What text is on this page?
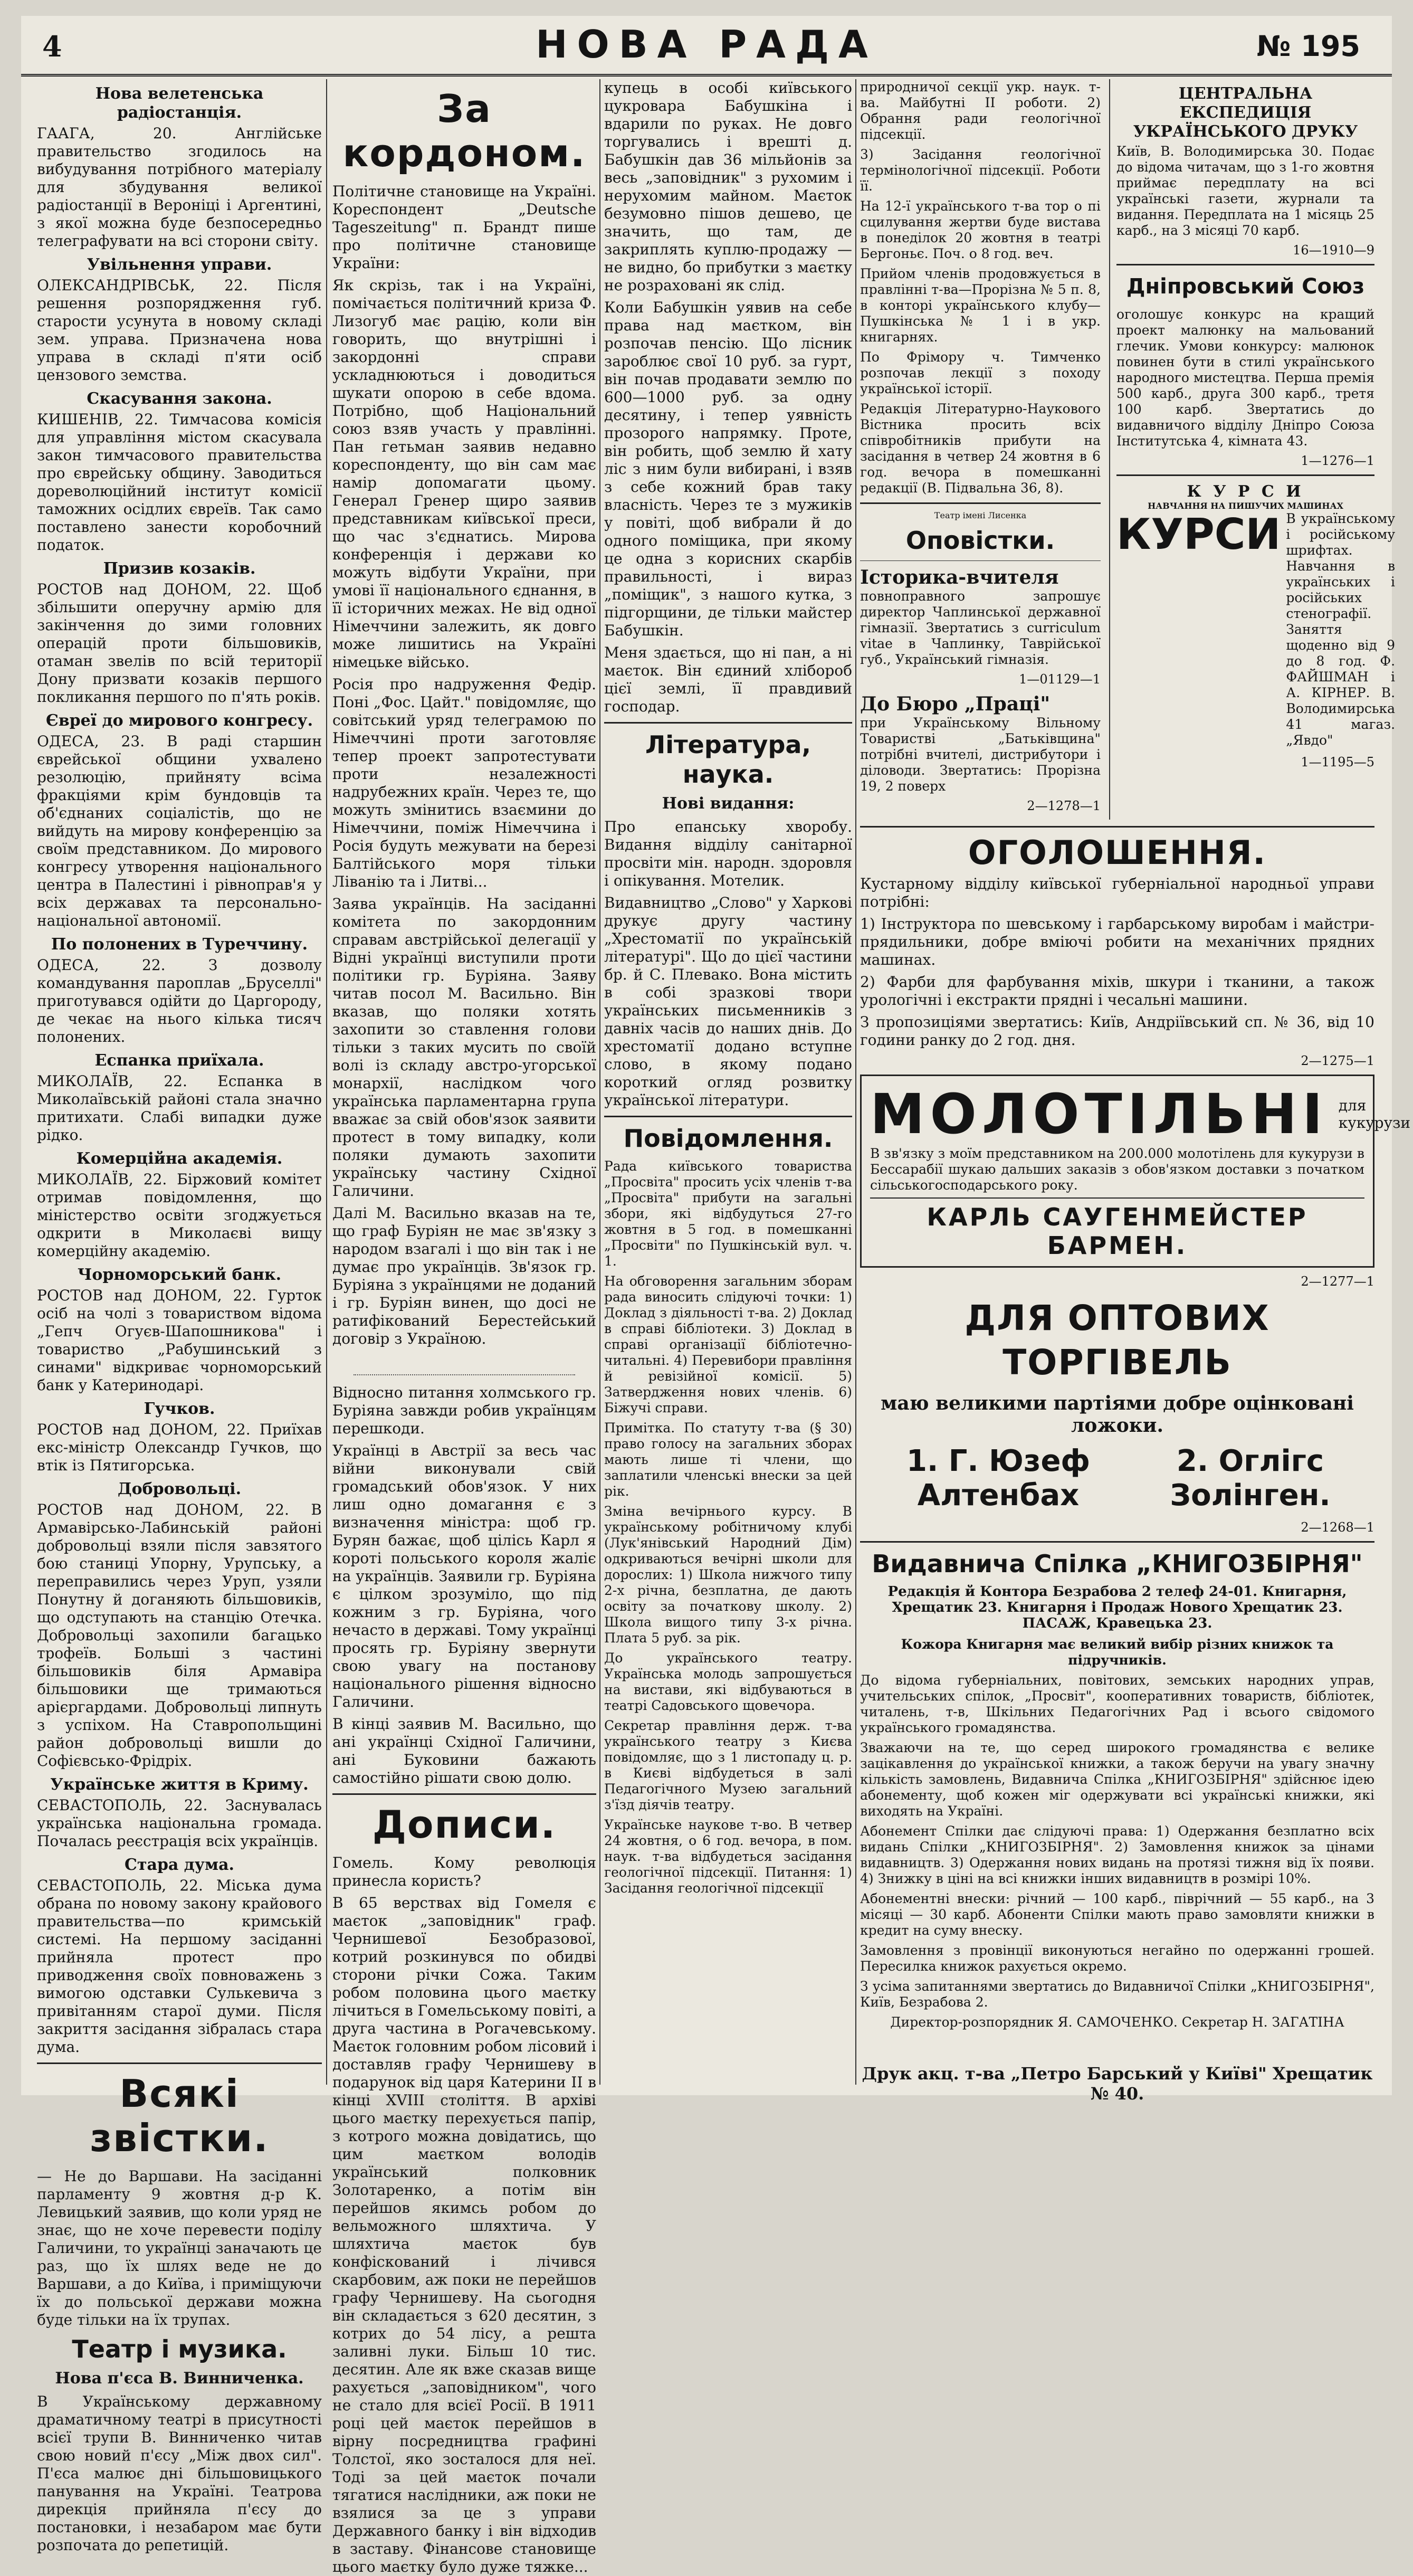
4	НОВА РАДА	№ 195
Нова велетенська радіостанція.

ГААГА, 20. Англійське правительство згодилось на вибудування потрібного матеріалу для збудування великої радіостанції в Вероніці і Аргентині, з якої можна буде безпосередньо телеграфувати на всі сторони світу.

Увільнення управи.

ОЛЕКСАНДРІВСЬК, 22. Після решення розпорядження губ. старости усунута в новому складі зем. управа. Призначена нова управа в складі п'яти осіб цензового земства.

Скасування закона.

КИШЕНІВ, 22. Тимчасова комісія для управління містом скасувала закон тимчасового правительства про єврейську общину. Заводиться дореволюційний інститут комісії таможних осідлих євреїв. Так само поставлено занести коробочний податок.

Призив козаків.

РОСТОВ над ДОНОМ, 22. Щоб збільшити оперучну армію для закінчення до зими головних операцій проти більшовиків, отаман звелів по всій території Дону призвати козаків першого покликання першого по п'ять років.

Євреї до мирового конгресу.

ОДЕСА, 23. В раді старшин єврейської общини ухвалено резолюцію, прийняту всіма фракціями крім бундовців та об'єднаних соціалістів, що не вийдуть на мирову конференцію за своїм представником. До мирового конгресу утворення національного центра в Палестині і рівноправ'я у всіх державах та персонально-національної автономії.

По полонених в Туреччину.

ОДЕСА, 22. З дозволу командування пароплав „Бруселлі" приготувався одійти до Царгороду, де чекає на нього кілька тисяч полонених.

Еспанка приїхала.

МИКОЛАЇВ, 22. Еспанка в Миколаївській районі стала значно притихати. Слабі випадки дуже рідко.

Комерційна академія.

МИКОЛАЇВ, 22. Біржовий комітет отримав повідомлення, що міністерство освіти згоджується одкрити в Миколаєві вищу комерційну академію.

Чорноморський банк.

РОСТОВ над ДОНОМ, 22. Гурток осіб на чолі з товариством відома „Гепч Огуєв-Шапошникова" і товариство „Рабушинський з синами" відкриває чорноморський банк у Катеринодарі.

Гучков.

РОСТОВ над ДОНОМ, 22. Приїхав екс-міністр Олександр Гучков, що втік із Пятигорська.

Добровольці.

РОСТОВ над ДОНОМ, 22. В Армавірсько-Лабинській районі добровольці взяли після завзятого бою станиці Упорну, Урупську, а переправились через Уруп, узяли Понутну й доганяють більшовиків, що одступають на станцію Отечка. Добровольці захопили багацько трофеїв. Больші з частині більшовиків біля Армавіра більшовики ще тримаються арієргардами. Добровольці липнуть з успіхом. На Ставропольщині район добровольці вишли до Софієвсько-Фрідріх.

Українське життя в Криму.

СЕВАСТОПОЛЬ, 22. Заснувалась українська національна громада. Почалась реєстрація всіх українців.

Стара дума.

СЕВАСТОПОЛЬ, 22. Міська дума обрана по новому закону крайового правительства—по кримській системі. На першому засіданні прийняла протест про приводження своїх повноважень з вимогою одставки Сулькевича з привітанням старої думи. Після закриття засідання зібралась стара дума.

Всякі звістки.

— Не до Варшави. На засіданні парламенту 9 жовтня д-р К. Левицький заявив, що коли уряд не знає, що не хоче перевести поділу Галичини, то українці заначають це раз, що їх шлях веде не до Варшави, а до Київа, і приміщуючи їх до польської держави можна буде тільки на їх трупах.

Театр і музика.
Нова п'єса В. Винниченка.

В Українському державному драматичному театрі в присутності всієї трупи В. Винниченко читав свою новий п'єсу „Між двох сил". П'єса малює дні більшовицького панування на Україні. Театрова дирекція прийняла п'єсу до постановки, і незабаром має бути розпочата до репетицій.

За кордоном.

Політичне становище на Україні. Кореспондент „Deutsche Tageszeitung" п. Брандт пише про політичне становище України:

Як скрізь, так і на Україні, помічається політичний криза Ф. Лизогуб має рацію, коли він говорить, що внутрішні і закордонні справи ускладнюються і доводиться шукати опорою в себе вдома. Потрібно, щоб Національний союз взяв участь у правлінні. Пан гетьман заявив недавно кореспонденту, що він сам має намір допомагати цьому. Генерал Гренер щиро заявив представникам київської преси, що час з'єднатись. Мирова конференція і держави ко можуть відбути України, при умові її національного єднання, в її історичних межах. Не від одної Німеччини залежить, як довго може лишитись на Україні німецьке військо.

Росія про надруження Федір. Поні „Фос. Цайт." повідомляє, що совітський уряд телеграмою по Німеччині проти заготовляє тепер проект запротестувати проти незалежності надрубежних країн. Через те, що можуть змінитись взаємини до Німеччини, поміж Німеччина і Росія будуть межувати на березі Балтійського моря тільки Ліванію та і Литві...

Заява українців. На засіданні комітета по закордонним справам австрійської делегації у Відні українці виступили проти політики гр. Буріяна. Заяву читав посол М. Васильно. Він вказав, що поляки хотять захопити зо ставлення голови тільки з таких мусить по своїй волі із складу австро-угорської монархії, наслідком чого українська парламентарна група вважає за свій обов'язок заявити протест в тому випадку, коли поляки думають захопити українську частину Східної Галичини.

Далі М. Васильно вказав на те, що граф Буріян не має зв'язку з народом взагалі і що він так і не думає про українців. Зв'язок гр. Буріяна з українцями не доданий і гр. Буріян винен, що досі не ратифікований Берестейський договір з Україною.

Відносно питання холмського гр. Буріяна завжди робив українцям перешкоди.

Українці в Австрії за весь час війни виконували свій громадський обов'язок. У них лиш одно домагання є з визначення міністра: щоб гр. Бурян бажає, щоб цілісь Карл я короті польського короля жаліє на українців. Заявили гр. Буріяна є цілком зрозуміло, що під кожним з гр. Буріяна, чого нечасто в державі. Тому українці просять гр. Буріяну звернути свою увагу на постанову національного рішення відносно Галичини.

В кінці заявив М. Васильно, що ані українці Східної Галичини, ані Буковини бажають самостійно рішати свою долю.

Дописи.

Гомель. Кому революція принесла користь?

В 65 верствах від Гомеля є маєток „заповідник" граф. Чернишевої Безобразової, котрий розкинувся по обидві сторони річки Сожа. Таким робом половина цього маєтку лічиться в Гомельському повіті, а друга частина в Рогачевському. Маєток головним робом лісовий і доставляв графу Чернишеву в подарунок від царя Катерини II в кінці XVIII століття. В архіві цього маєтку перехується папір, з котрого можна довідатись, що цим маєтком володів український полковник Золотаренко, а потім він перейшов якимсь робом до вельможного шляхтича. У шляхтича маєток був конфіскований і лічився скарбовим, аж поки не перейшов графу Чернишеву. На сьогодня він складається з 620 десятин, з котрих до 54 лісу, а решта заливні луки. Більш 10 тис. десятин. Але як вже сказав вище рахується „заповідником", чого не стало для всієї Росії. В 1911 році цей маєток перейшов в вірну посредництва графині Толстої, яко зосталося для неї. Тоді за цей маєток почали тягатися наслідники, аж поки не взялися за це з управи Державного банку і він відходив в заставу. Фінансове становище цього маєтку було дуже тяжке...

купець в особі київського цукровара Бабушкіна і вдарили по руках. Не довго торгувались і врешті д. Бабушкін дав 36 мільйонів за весь „заповідник" з рухомим і нерухомим майном. Маєток безумовно пішов дешево, це значить, що там, де закриплять куплю-продажу — не видно, бо прибутки з маєтку не розраховані як слід.

Коли Бабушкін уявив на себе права над маєтком, він розпочав пенсію. Що лісник зароблює свої 10 руб. за гурт, він почав продавати землю по 600—1000 руб. за одну десятину, і тепер уявність прозорого напрямку. Проте, він робить, щоб землю й хату ліс з ним були вибирані, і взяв з себе кожний брав таку власність. Через те з мужиків у повіті, щоб вибрали й до одного поміщика, при якому це одна з корисних скарбів правильності, і вираз „поміщик", з нашого кутка, з підгорщини, де тільки майстер Бабушкін.

Меня здається, що ні пан, а ні маєток. Він єдиний хлібороб цієї землі, її правдивий господар.

Література, наука.
Нові видання:

Про епанську хворобу. Видання відділу санітарної просвіти мін. народн. здоровля і опікування. Мотелик.

Видавництво „Слово" у Харкові друкує другу частину „Хрестоматії по українській літературі". Що до цієї частини бр. й С. Плевако. Вона містить в собі зразкові твори українських письменників з давніх часів до наших днів. До хрестоматії додано вступне слово, в якому подано короткий огляд розвитку української літератури.

Повідомлення.

Рада київського товариства „Просвіта" просить усіх членів т-ва „Просвіта" прибути на загальні збори, які відбудуться 27-го жовтня в 5 год. в помешканні „Просвіти" по Пушкінській вул. ч. 1.

На обговорення загальним зборам рада виносить слідуючі точки: 1) Доклад з діяльності т-ва. 2) Доклад в справі бібліотеки. 3) Доклад в справі організації бібліотечно-читальні. 4) Перевибори правління й ревізійної комісії. 5) Затвердження нових членів. 6) Біжучі справи.

Примітка. По статуту т-ва (§ 30) право голосу на загальних зборах мають лише ті члени, що заплатили членські внески за цей рік.

Зміна вечірнього курсу. В українському робітничому клубі (Лук'янівський Народний Дім) одкриваються вечірні школи для дорослих: 1) Школа нижчого типу 2-х річна, безплатна, де дають освіту за початкову школу. 2) Школа вищого типу 3-х річна. Плата 5 руб. за рік.

До українського театру. Українська молодь запрошується на вистави, які відбуваються в театрі Садовського щовечора.

Секретар правління держ. т-ва українського театру з Києва повідомляє, що з 1 листопаду ц. р. в Києві відбудеться в залі Педагогічного Музею загальний з'їзд діячів театру.

Українське наукове т-во. В четвер 24 жовтня, о 6 год. вечора, в пом. наук. т-ва відбудеться засідання геологічної підсекції. Питання: 1) Засідання геологічної підсекції

природничої секції укр. наук. т-ва. Майбутні ІІ роботи. 2) Обрання ради геологічної підсекції.

3) Засідання геологічної термінологічної підсекції. Роботи її.

На 12-ї українського т-ва тор о пі сцилування жертви буде вистава в понеділок 20 жовтня в театрі Бергоньє. Поч. о 8 год. веч.

Прийом членів продовжується в правлінні т-ва—Прорізна № 5 п. 8, в конторі українського клубу—Пушкінська № 1 і в укр. книгарнях.

По Фрімору ч. Тимченко розпочав лекції з походу української історії.

Редакція Літературно-Наукового Вістника просить всіх співробітників прибути на засідання в четвер 24 жовтня в 6 год. вечора в помешканні редакції (В. Підвальна 36, 8).

Театр імені Лисенка
Оповістки.
Історика-вчителя

повноправного запрошує директор Чаплинської державної гімназії. Звертатись з curriculum vitae в Чаплинку, Таврійської губ., Український гімназія.

1—01129—1
До Бюро „Праці"

при Українському Вільному Товаристві „Батьківщина" потрібні вчителі, дистрибутори і діловоди. Звертатись: Прорізна 19, 2 поверх

2—1278—1
ЦЕНТРАЛЬНА ЕКСПЕДИЦІЯ УКРАЇНСЬКОГО ДРУКУ

Київ, В. Володимирська 30. Подає до відома читачам, що з 1-го жовтня приймає передплату на всі українські газети, журнали та видання. Передплата на 1 місяць 25 карб., на 3 місяці 70 карб.

16—1910—9
Дніпровський Союз

оголошує конкурс на кращий проект малюнку на мальований глечик. Умови конкурсу: малюнок повинен бути в стилі українського народного мистецтва. Перша премія 500 карб., друга 300 карб., третя 100 карб. Звертатись до видавничого відділу Дніпро Союза Інститутська 4, кімната 43.

1—1276—1
К У Р С И
НАВЧАННЯ НА ПИШУЧИХ МАШИНАХ
КУРСИ В українському і російському шрифтах. Навчання в українських і російських стенографії. Заняття щоденно від 9 до 8 год. Ф. ФАЙШМАН і А. КІРНЕР. В. Володимирська 41 магаз. „Явдо"

1—1195—5
ОГОЛОШЕННЯ.

Кустарному відділу київської губерніальної народньої управи потрібні:

1) Інструктора по шевському і гарбарському виробам і майстри-прядильники, добре вміючі робити на механічних прядних машинах.

2) Фарби для фарбування міхів, шкури і тканини, а також урологічні і екстракти прядні і чесальні машини.

З пропозиціями звертатись: Київ, Андріївський сп. № 36, від 10 години ранку до 2 год. дня.

2—1275—1
МОЛОТІЛЬНІ для кукурузи

В зв'язку з моїм представником на 200.000 молотілень для кукурузи в Бессарабії шукаю дальших заказів з обов'язком доставки з початком сільськогосподарського року.

КАРЛЬ САУГЕНМЕЙСТЕР БАРМЕН.
2—1277—1
ДЛЯ ОПТОВИХ ТОРГІВЕЛЬ
маю великими партіями добре оцінковані ложоки.
1. Г. Юзеф Алтенбах
2. Оглігс Золінген.
2—1268—1
Видавнича Спілка „КНИГОЗБІРНЯ"
Редакція й Контора Безрабова 2 телеф 24-01. Книгарня, Хрещатик 23. Книгарня і Продаж Нового Хрещатик 23. ПАСАЖ, Кравецька 23.

Кожора Книгарня має великий вибір різних книжок та підручників.

До відома губерніальних, повітових, земських народних управ, учительських спілок, „Просвіт", кооперативних товариств, бібліотек, читалень, т-в, Шкільних Педагогічних Рад і всього свідомого українського громадянства.

Зважаючи на те, що серед широкого громадянства є велике зацікавлення до української книжки, а також беручи на увагу значну кількість замовлень, Видавнича Спілка „КНИГОЗБІРНЯ" здійснює ідею абонементу, щоб кожен міг одержувати всі українські книжки, які виходять на Україні.

Абонемент Спілки дає слідуючі права: 1) Одержання безплатно всіх видань Спілки „КНИГОЗБІРНЯ". 2) Замовлення книжок за цінами видавництв. 3) Одержання нових видань на протязі тижня від їх появи. 4) Знижку в ціні на всі книжки інших видавництв в розмірі 10%.

Абонементні внески: річний — 100 карб., піврічний — 55 карб., на 3 місяці — 30 карб. Абоненти Спілки мають право замовляти книжки в кредит на суму внеску.

Замовлення з провінції виконуються негайно по одержанні грошей. Пересилка книжок рахується окремо.

З усіма запитаннями звертатись до Видавничої Спілки „КНИГОЗБІРНЯ", Київ, Безрабова 2.

Директор-розпорядник Я. САМОЧЕНКО. Секретар Н. ЗАГАТІНА

Друк акц. т-ва „Петро Барський у Київі" Хрещатик № 40.
